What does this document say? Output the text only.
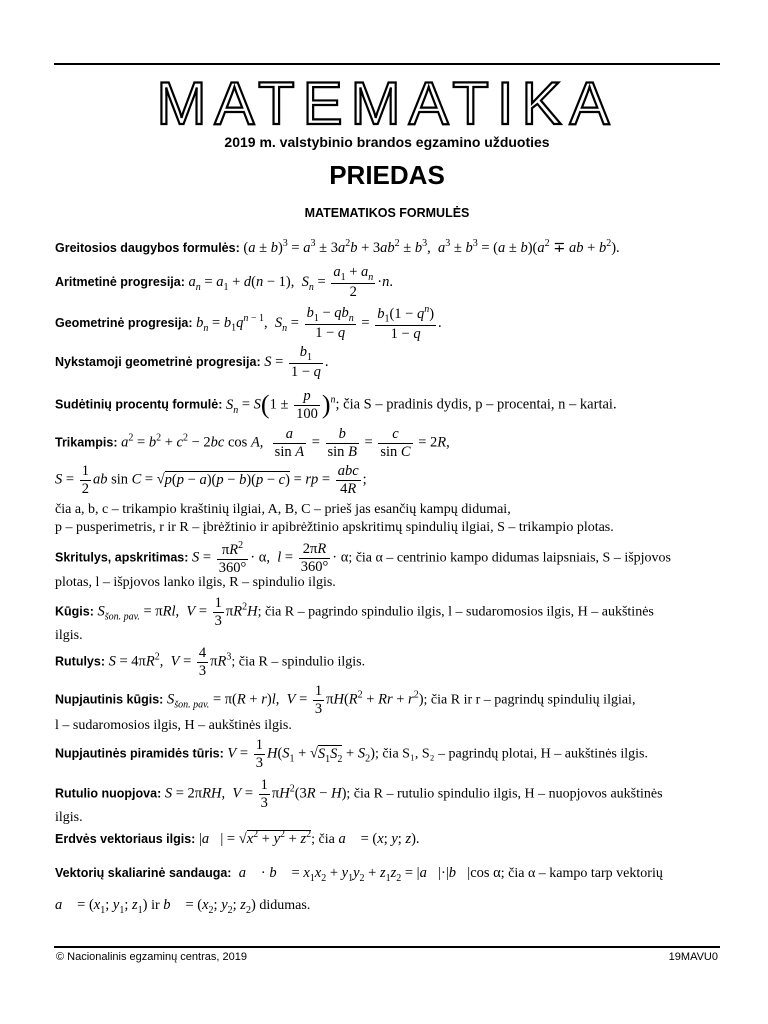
MATEMATIKA
2019 m. valstybinio brandos egzamino užduoties
PRIEDAS
MATEMATIKOS FORMULĖS
Greitosios daugybos formulės: $(a \pm b)^3 = a^3 \pm 3a^2b + 3ab^2 \pm b^3$,  $a^3 \pm b^3 = (a \pm b)(a^2$ ∓ ab + $b^2$).
Aritmetinė progresija: $a_n = a_1 + d(n - 1)$,  $S_n = \frac{a_1 + a_n}{2} \cdot n$.
Geometrinė progresija: $b_n = b_1q^{n - 1}$,  $S_n = \frac{b_1 - qb_n}{1 - q} = \frac{b_1(1 - q^n)}{1 - q}$ .
Nykstamoji geometrinė progresija: $S = \frac{b_1}{1 - q}$ .
Sudėtinių procentų formulė: $S_n = S(1 \pm \frac{p}{100} )^n$; čia S – pradinis dydis, p – procentai, n – kartai.
Trikampis: $a^2 = b^2 + c^2 - 2bc$ cos A, $\frac{a}{\text{sin A}} = \frac{b}{\text{sin B}} = \frac{c}{\text{sin C}} = 2R$,
$S = \frac{1}{2}$ ab sin C = √p(p − a)(p − b)(p − c) = rp = $\frac{\text{abc}}{4R}$ ;
čia a, b, c – trikampio kraštinių ilgiai, A, B, C – prieš jas esančių kampų didumai,
p – pusperimetris, r ir R – įbrėžtinio ir apibrėžtinio apskritimų spindulių ilgiai, S – trikampio plotas.
Skritulys, apskritimas: $S = \frac{\pi R^2}{360^\circ} \cdot \alpha$,  $l = \frac{2\pi R}{360^\circ} \cdot \alpha$; čia α – centrinio kampo didumas laipsniais, S – išpjovos
plotas, l – išpjovos lanko ilgis, R – spindulio ilgis.
Kūgis: $S_{šon. pav.} = \pi Rl$,  $V = \frac{1}{3} \pi R^2H$; čia R – pagrindo spindulio ilgis, l – sudaromosios ilgis, H – aukštinės
ilgis.
Rutulys: $S = 4\pi R^2$,  $V = \frac{4}{3} \pi R^3$; čia R – spindulio ilgis.
Nupjautinis kūgis: $S_{šon. pav.} = \pi(R + r)l$,  $V = \frac{1}{3} \pi H(R^2 + Rr + r^2)$; čia R ir r – pagrindų spindulių ilgiai,
l – sudaromosios ilgis, H – aukštinės ilgis.
Nupjautinės piramidės tūris: $V = \frac{1}{3} H(S_1 + √S_1S_2 + S_2)$; čia S₁, S₂ – pagrindų plotai, H – aukštinės ilgis.
Rutulio nuopjova: S = 2πRH,  $V = \frac{1}{3} \pi H^2(3R - H)$; čia R – rutulio spindulio ilgis, H – nuopjovos aukštinės
ilgis.
Erdvės vektoriaus ilgis: |a⃗| = $√x^2 + y^2 + z^2$; čia a⃗ = (x; y; z).
Vektorių skaliarinė sandauga: a⃗ · b⃗ = $x_1x_2 + y_1y_2 + z_1z_2$ = |a⃗|·|b⃗|cos α; čia α – kampo tarp vektorių
a⃗ = ($x_1$; $y_1$; $z_1$) ir b⃗ = ($x_2$; $y_2$; $z_2$) didumas.
© Nacionalinis egzaminų centras, 2019	19MAVU0
